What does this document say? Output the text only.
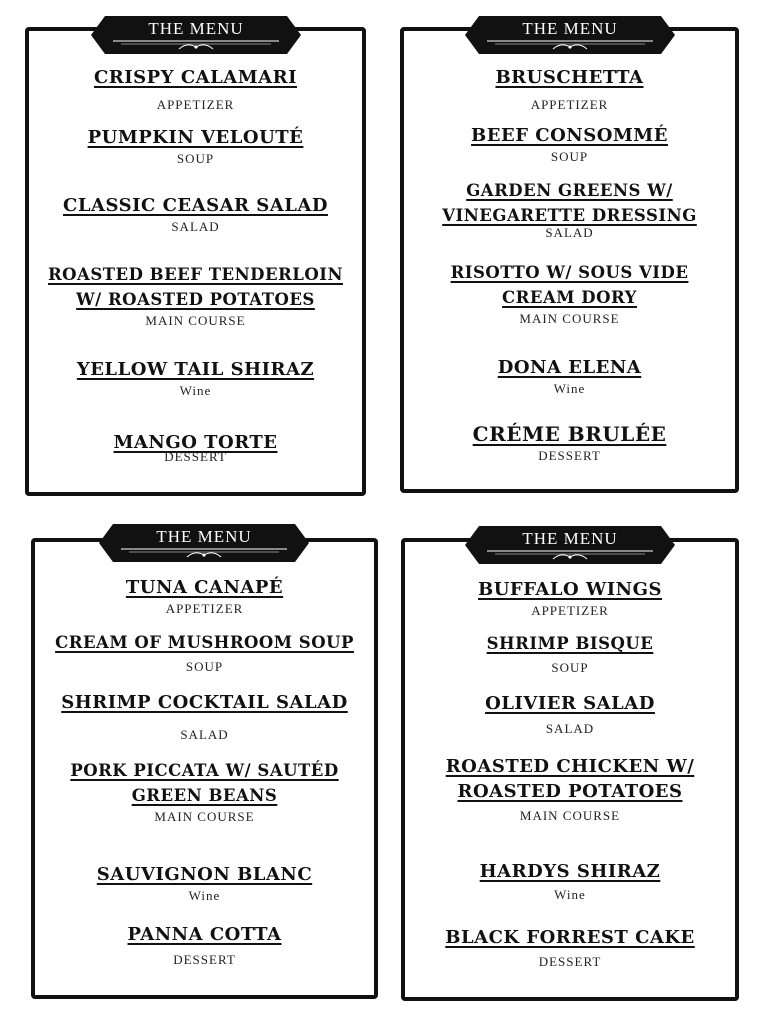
THE MENU
CRISPY CALAMARI
APPETIZER
PUMPKIN VELOUTÉ
SOUP
CLASSIC CEASAR SALAD
SALAD
ROASTED BEEF TENDERLOIN
W/ ROASTED POTATOES
MAIN COURSE
YELLOW TAIL SHIRAZ
Wine
MANGO TORTE
DESSERT
THE MENU
BRUSCHETTA
APPETIZER
BEEF CONSOMMÉ
SOUP
GARDEN GREENS W/
VINEGARETTE DRESSING
SALAD
RISOTTO W/ SOUS VIDE
CREAM DORY
MAIN COURSE
DONA ELENA
Wine
CRÉME BRULÉE
DESSERT
THE MENU
TUNA CANAPÉ
APPETIZER
CREAM OF MUSHROOM SOUP
SOUP
SHRIMP COCKTAIL SALAD
SALAD
PORK PICCATA W/ SAUTÉD
GREEN BEANS
MAIN COURSE
SAUVIGNON BLANC
Wine
PANNA COTTA
DESSERT
THE MENU
BUFFALO WINGS
APPETIZER
SHRIMP BISQUE
SOUP
OLIVIER SALAD
SALAD
ROASTED CHICKEN W/
ROASTED POTATOES
MAIN COURSE
HARDYS SHIRAZ
Wine
BLACK FORREST CAKE
DESSERT
